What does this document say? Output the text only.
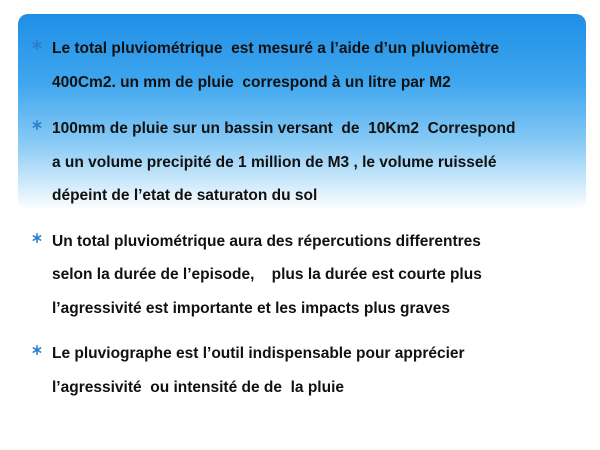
Le total pluviométrique  est mesuré a l’aide d’un pluviomètre
400Cm2. un mm de pluie  correspond à un litre par M2
100mm de pluie sur un bassin versant  de  10Km2  Correspond
a un volume precipité de 1 million de M3 , le volume ruisselé
dépeint de l’etat de saturaton du sol
Un total pluviométrique aura des répercutions differentres
selon la durée de l’episode,    plus la durée est courte plus
l’agressivité est importante et les impacts plus graves
Le pluviographe est l’outil indispensable pour apprécier
l’agressivité  ou intensité de de  la pluie
